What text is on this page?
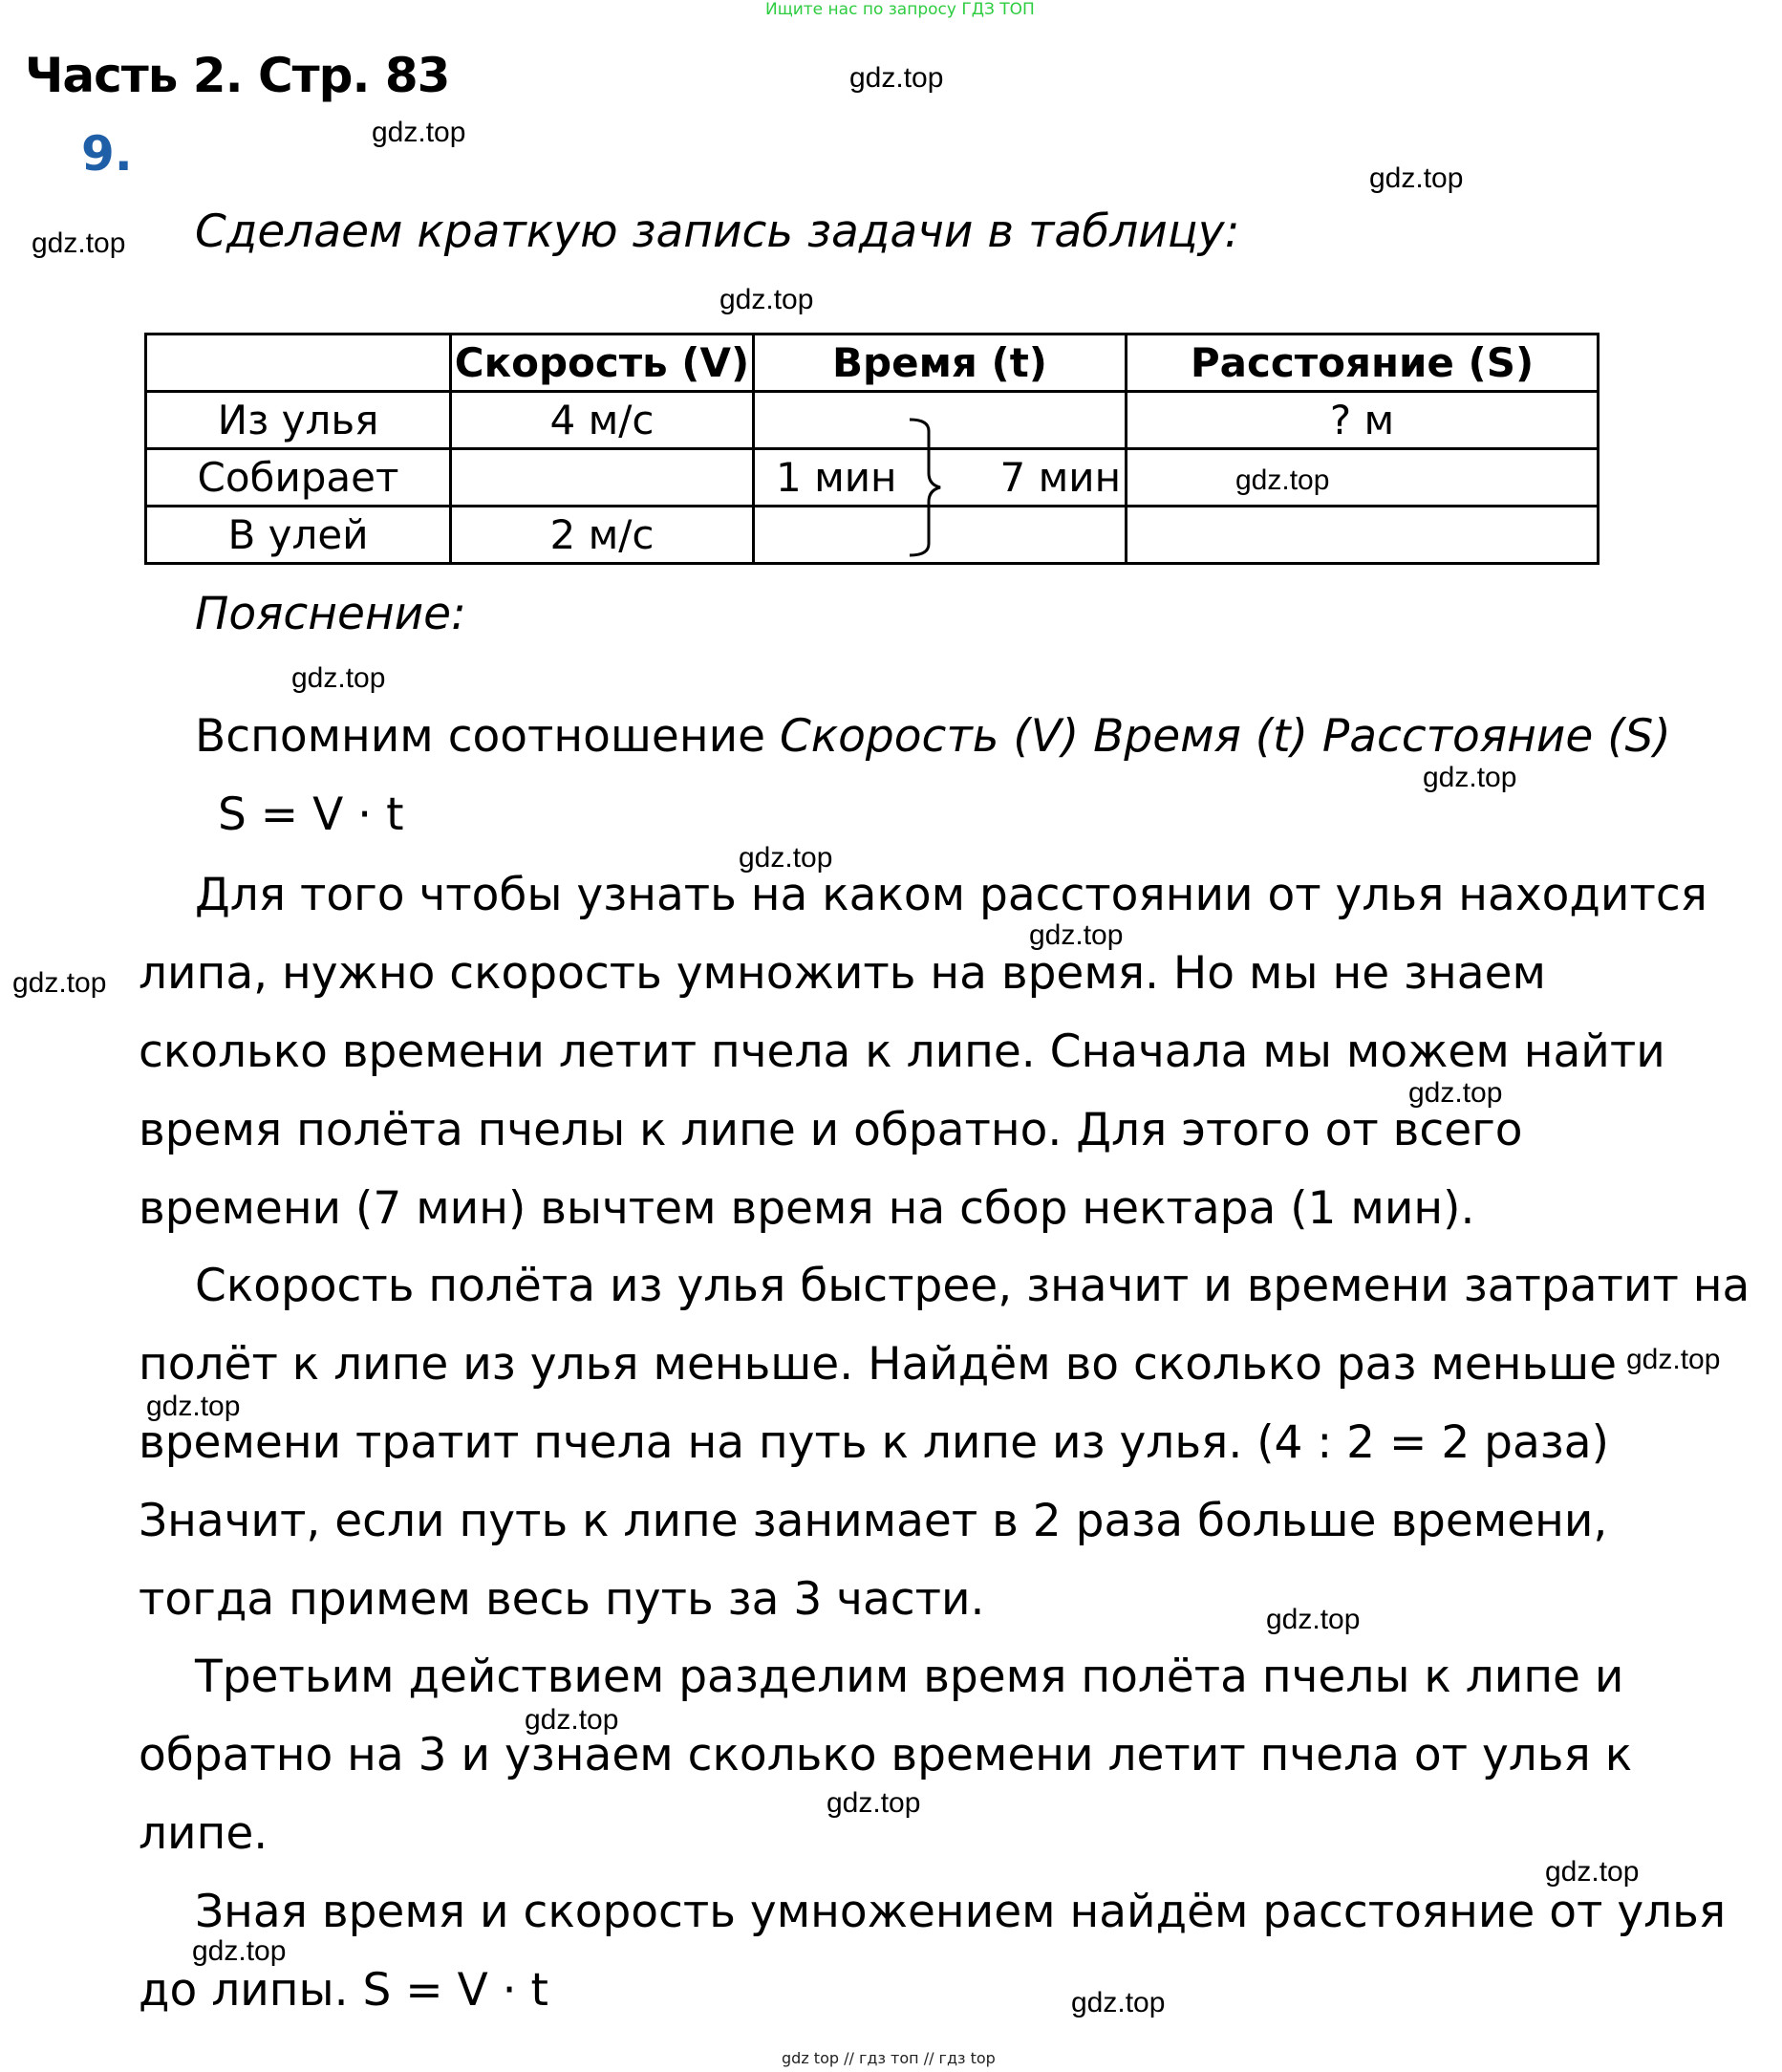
Ищите нас по запросу ГДЗ ТОП
Часть 2. Стр. 83
9.
Сделаем краткую запись задачи в таблицу:
	Скорость (V)	Время (t)	Расстояние (S)
Из улья	4 м/с		? м
Собирает		1 мин 7 мин	
В улей	2 м/с		
Пояснение:
Вспомним соотношение Скорость (V) Время (t) Расстояние (S)
S = V · t
Для того чтобы узнать на каком расстоянии от улья находится
липа, нужно скорость умножить на время. Но мы не знаем
сколько времени летит пчела к липе. Сначала мы можем найти
время полёта пчелы к липе и обратно. Для этого от всего
времени (7 мин) вычтем время на сбор нектара (1 мин).
Скорость полёта из улья быстрее, значит и времени затратит на
полёт к липе из улья меньше. Найдём во сколько раз меньше
времени тратит пчела на путь к липе из улья. (4 : 2 = 2 раза)
Значит, если путь к липе занимает в 2 раза больше времени,
тогда примем весь путь за 3 части.
Третьим действием разделим время полёта пчелы к липе и
обратно на 3 и узнаем сколько времени летит пчела от улья к
липе.
Зная время и скорость умножением найдём расстояние от улья
до липы. S = V · t
gdz.top
gdz.top
gdz.top
gdz.top
gdz.top
gdz.top
gdz.top
gdz.top
gdz.top
gdz.top
gdz.top
gdz.top
gdz.top
gdz.top
gdz.top
gdz.top
gdz.top
gdz.top
gdz.top
gdz.top
gdz top // гдз топ // гдз top
